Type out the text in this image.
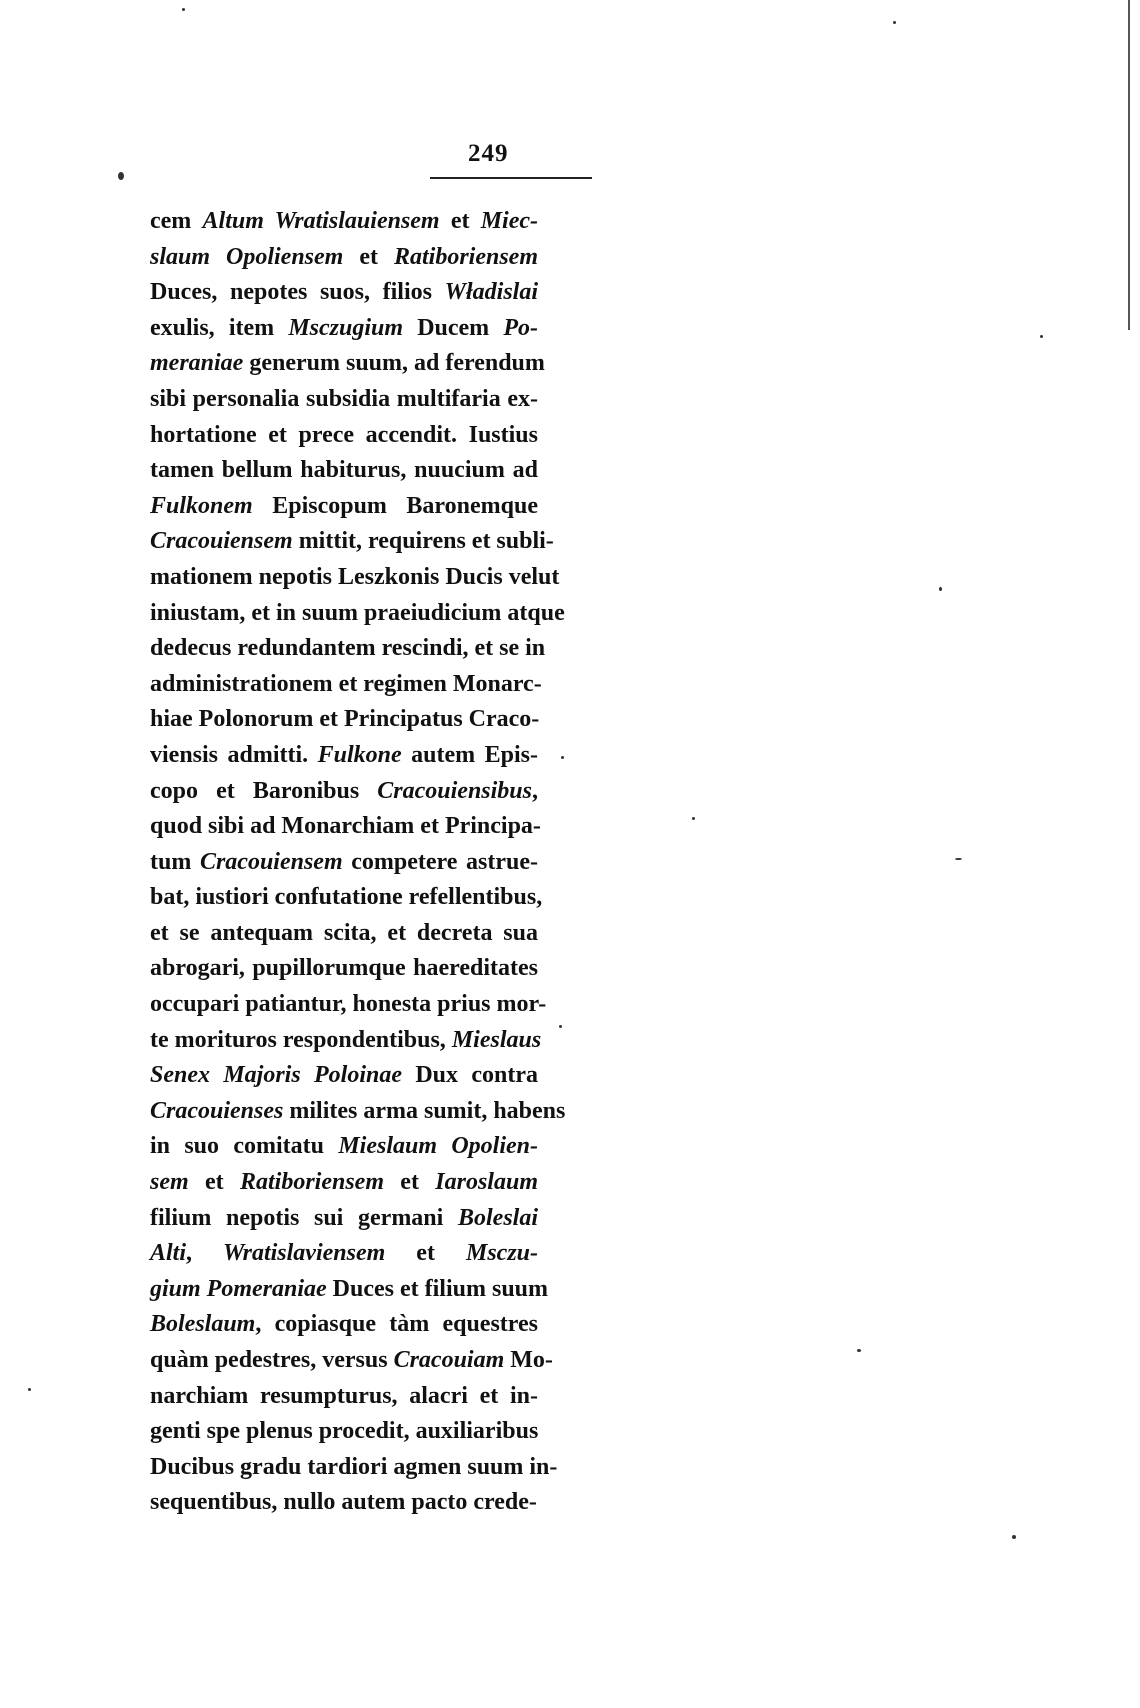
249
cem Altum Wratislauiensem et Miec-
slaum Opoliensem et Ratiboriensem
Duces, nepotes suos, filios Władislai
exulis, item Msczugium Ducem Po-
meraniae generum suum, ad ferendum
sibi personalia subsidia multifaria ex-
hortatione et prece accendit. Iustius
tamen bellum habiturus, nuucium ad
Fulkonem Episcopum Baronemque
Cracouiensem mittit, requirens et subli-
mationem nepotis Leszkonis Ducis velut
iniustam, et in suum praeiudicium atque
dedecus redundantem rescindi, et se in
administrationem et regimen Monarc-
hiae Polonorum et Principatus Craco-
viensis admitti. Fulkone autem Epis-
copo et Baronibus Cracouiensibus,
quod sibi ad Monarchiam et Principa-
tum Cracouiensem competere astrue-
bat, iustiori confutatione refellentibus,
et se antequam scita, et decreta sua
abrogari, pupillorumque haereditates
occupari patiantur, honesta prius mor-
te morituros respondentibus, Mieslaus
Senex Majoris Poloinae Dux contra
Cracouienses milites arma sumit, habens
in suo comitatu Mieslaum Opolien-
sem et Ratiboriensem et Iaroslaum
filium nepotis sui germani Boleslai
Alti, Wratislaviensem et Msczu-
gium Pomeraniae Duces et filium suum
Boleslaum, copiasque tàm equestres
quàm pedestres, versus Cracouiam Mo-
narchiam resumpturus, alacri et in-
genti spe plenus procedit, auxiliaribus
Ducibus gradu tardiori agmen suum in-
sequentibus, nullo autem pacto crede-
